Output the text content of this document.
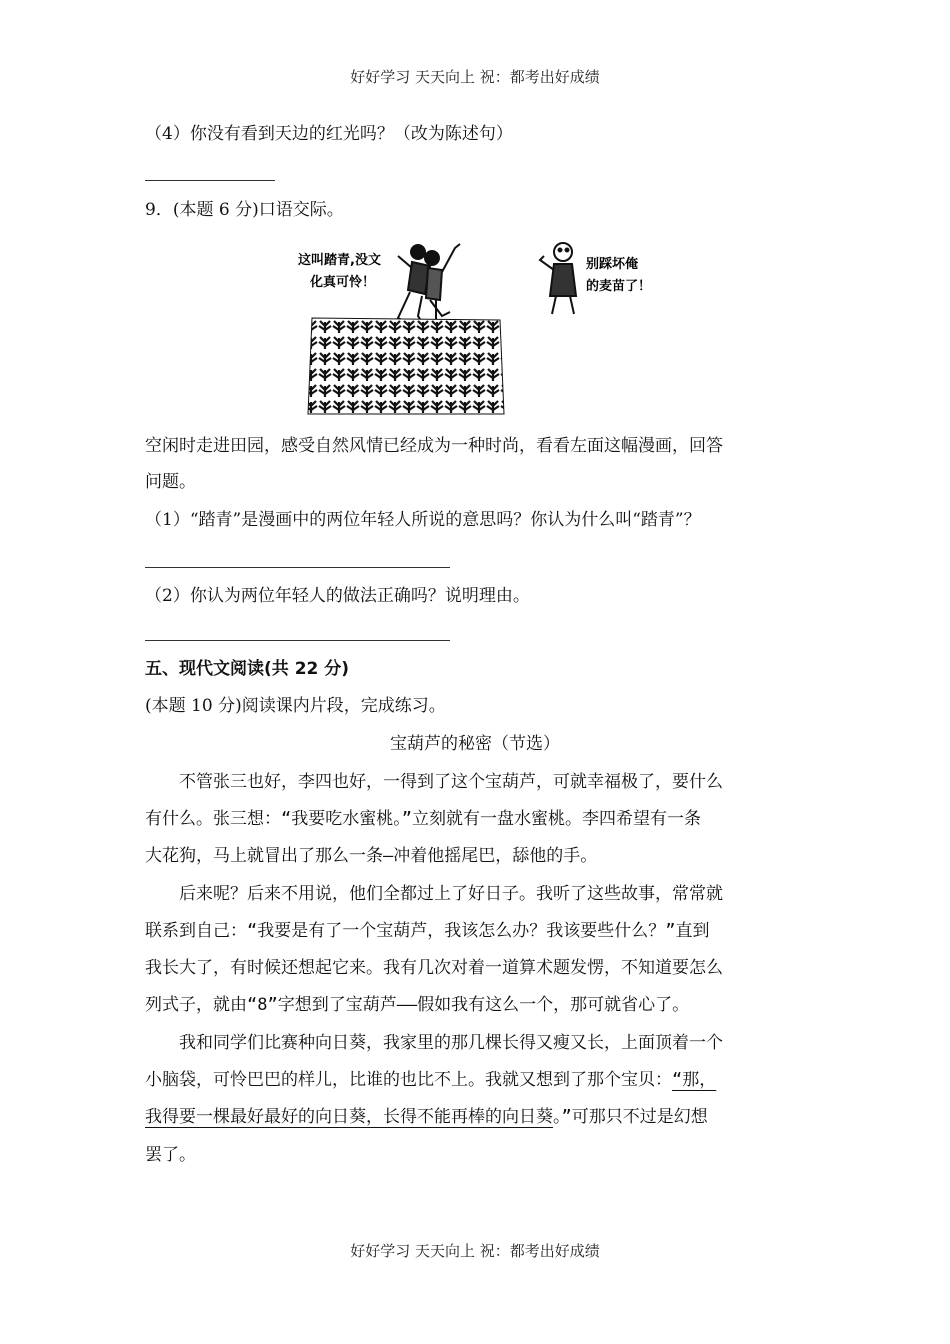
好好学习 天天向上 祝：都考出好成绩
（4）你没有看到天边的红光吗？（改为陈述句）
9．(本题 6 分)口语交际。
这叫踏青,没文
化真可怜！
别踩坏俺
的麦苗了！
空闲时走进田园，感受自然风情已经成为一种时尚，看看左面这幅漫画，回答
问题。
（1）“踏青”是漫画中的两位年轻人所说的意思吗？你认为什么叫“踏青”？
（2）你认为两位年轻人的做法正确吗？说明理由。
五、现代文阅读(共 22 分)
(本题 10 分)阅读课内片段，完成练习。
宝葫芦的秘密（节选）
　　不管张三也好，李四也好，一得到了这个宝葫芦，可就幸福极了，要什么
有什么。张三想：“我要吃水蜜桃。”立刻就有一盘水蜜桃。李四希望有一条
大花狗，马上就冒出了那么一条—冲着他摇尾巴，舔他的手。
　　后来呢？后来不用说，他们全都过上了好日子。我听了这些故事，常常就
联系到自己：“我要是有了一个宝葫芦，我该怎么办？我该要些什么？”直到
我长大了，有时候还想起它来。我有几次对着一道算术题发愣，不知道要怎么
列式子，就由“8”字想到了宝葫芦——假如我有这么一个，那可就省心了。
　　我和同学们比赛种向日葵，我家里的那几棵长得又瘦又长，上面顶着一个
小脑袋，可怜巴巴的样儿，比谁的也比不上。我就又想到了那个宝贝：“那，
我得要一棵最好最好的向日葵，长得不能再棒的向日葵。”可那只不过是幻想
罢了。
好好学习 天天向上 祝：都考出好成绩
